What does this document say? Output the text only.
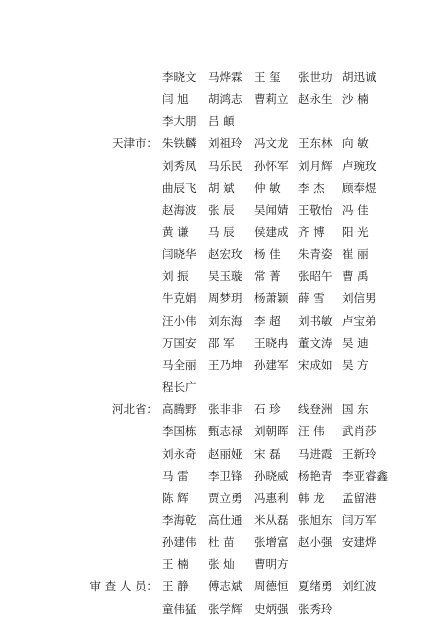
李晓文	马烨霖	王 玺	张世功 胡迅诚
闫 旭	胡鸿志	曹莉立 赵永生 沙 楠
李大朋	吕 頔
天津市： 朱铁麟	刘祖玲	冯文龙 王东林 向 敏
刘秀凤	马乐民	孙怀军 刘月辉 卢琬玫
曲辰飞	胡 斌	仲 敏	李 杰	顾奉煜
赵海波	张 辰	吴闻婧 王敬怡 冯 佳
黄 谦	马 辰	侯建成 齐 博	阳 光
闫晓华	赵宏玫	杨 佳	朱青姿 崔 丽
刘 振	吴玉璇	常 菁	张昭午 曹 禹
牛克娟	周梦玥	杨萧颖 薛 雪	刘信男
汪小伟	刘东海	李 超	刘书敏 卢宝弟
万国安	邵 军	王晓冉 董文涛 吴 迪
马全丽	王乃坤	孙建军 宋成如 吴 方
程长广
河北省： 高腾野	张非非	石 珍	线登洲 国 东
李国栋	甄志禄	刘朝晖 汪 伟	武肖莎
刘永奇	赵丽娅	宋 磊	马进霞 王新玲
马 雷	李卫锋	孙晓威 杨艳青 李亚睿鑫
陈 辉	贾立勇	冯惠利 韩 龙	孟留港
李海乾	高仕通	米从磊 张旭东 闫万军
孙建伟	杜 苗	张增富 赵小强 安建烨
王 楠	张 灿	曹明方
审 查 人 员： 王 静	傅志斌	周德恒 夏绪勇 刘红波
童伟猛	张学辉	史炳强 张秀玲
